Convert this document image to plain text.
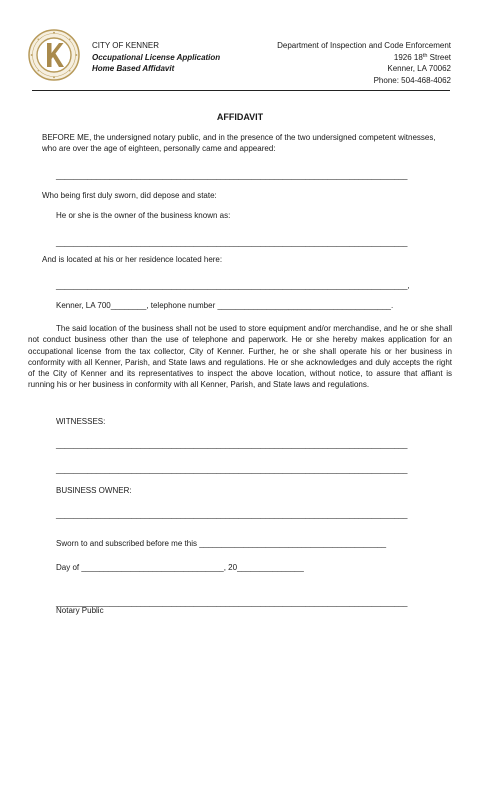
CITY OF KENNER
Occupational License Application
Home Based Affidavit
Department of Inspection and Code Enforcement
1926 18th Street
Kenner, LA 70062
Phone: 504-468-4062
AFFIDAVIT
BEFORE ME, the undersigned notary public, and in the presence of the two undersigned competent witnesses, who are over the age of eighteen, personally came and appeared:
_______________________________________________________________________________
Who being first duly sworn, did depose and state:
He or she is the owner of the business known as:
_______________________________________________________________________________
And is located at his or her residence located here:
_______________________________________________________________________________,
Kenner, LA 700________, telephone number _______________________________________.
The said location of the business shall not be used to store equipment and/or merchandise, and he or she shall not conduct business other than the use of telephone and paperwork. He or she hereby makes application for an occupational license from the tax collector, City of Kenner. Further, he or she shall operate his or her business in conformity with all Kenner, Parish, and State laws and regulations. He or she acknowledges and duly accepts the right of the City of Kenner and its representatives to inspect the above location, without notice, to assure that affiant is running his or her business in conformity with all Kenner, Parish, and State laws and regulations.
WITNESSES:
_______________________________________________________________________________
_______________________________________________________________________________
BUSINESS OWNER:
_______________________________________________________________________________
Sworn to and subscribed before me this __________________________________________
Day of ________________________________, 20_______________
_______________________________________________________________________________
Notary Public
